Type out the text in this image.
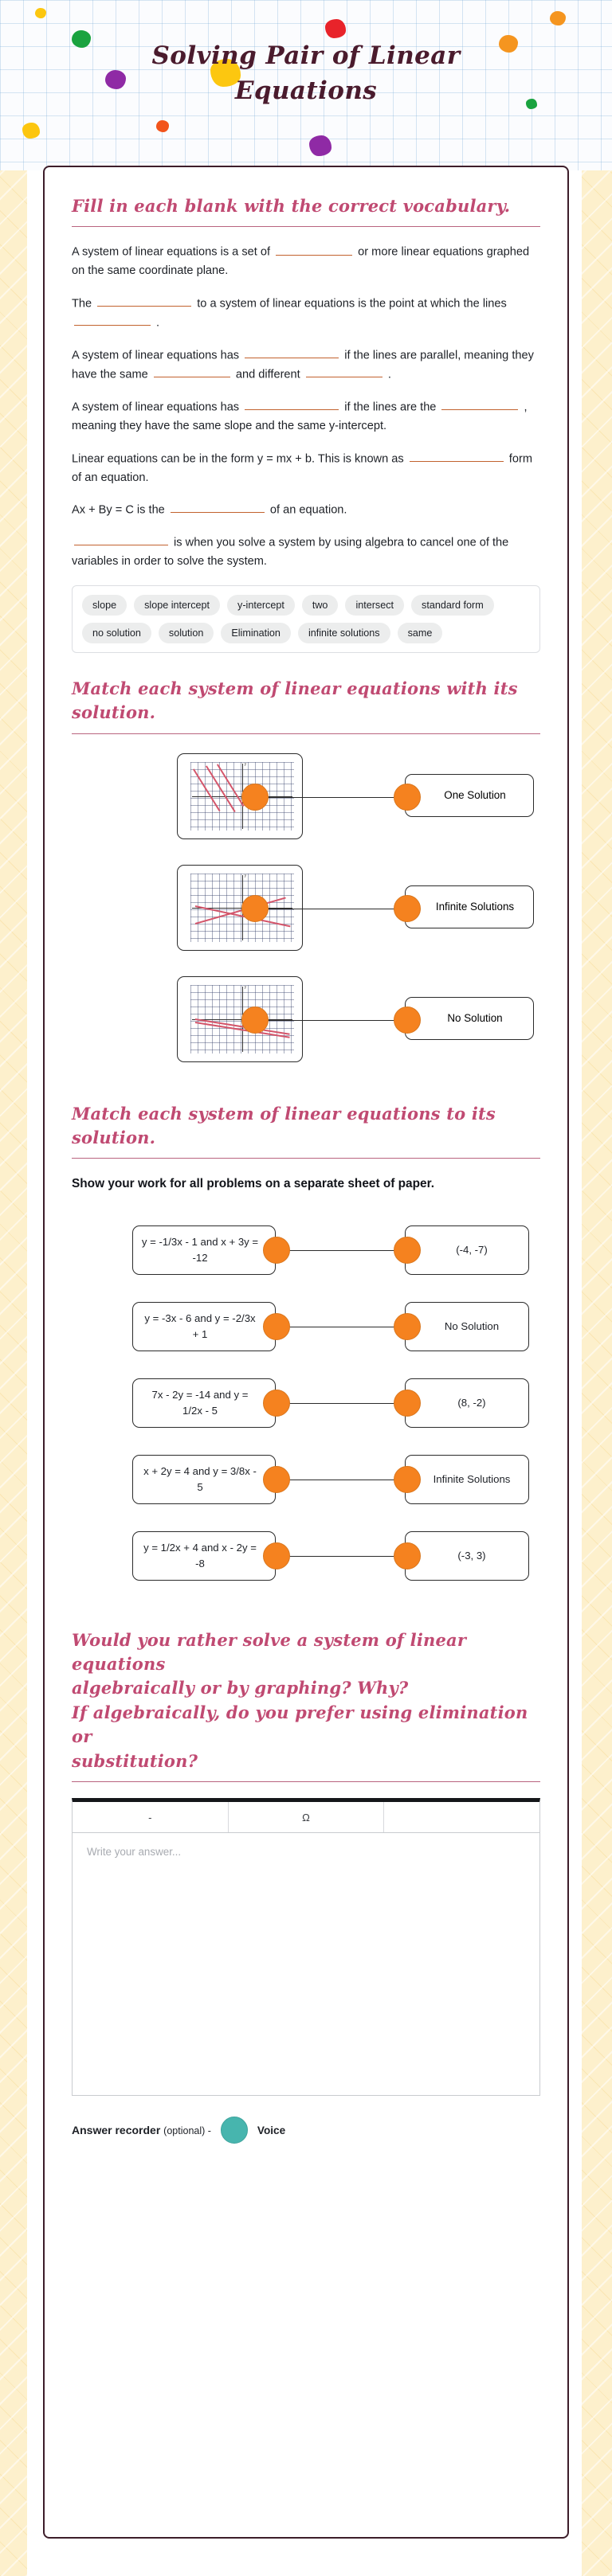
Solving Pair of Linear
Equations
Fill in each blank with the correct vocabulary.

A system of linear equations is a set of	or more linear equations graphed on the same coordinate plane.

The	to a system of linear equations is the point at which the lines  .

A system of linear equations has	if the lines are parallel, meaning they have the same	and different	.

A system of linear equations has	if the lines are the	, meaning they have the same slope and the same y-intercept.

Linear equations can be in the form y = mx + b. This is known as	form of an equation.

Ax + By = C is the	of an equation.

is when you solve a system by using algebra to cancel one of the variables in order to solve the system.

slope	slope intercept	y-intercept	two	intersect	standard form
no solution	solution	Elimination	infinite solutions	same
Match each system of linear equations with its solution.
y
One Solution
y
Infinite Solutions
y
No Solution
Match each system of linear equations to its solution.
Show your work for all problems on a separate sheet of paper.
y = -1/3x - 1 and x + 3y = -12
(-4, -7)
y = -3x - 6 and y = -2/3x + 1
No Solution
7x - 2y = -14 and y = 1/2x - 5
(8, -2)
x + 2y = 4 and y = 3/8x - 5
Infinite Solutions
y = 1/2x + 4 and x - 2y = -8
(-3, 3)
Would you rather solve a system of linear equations
algebraically or by graphing? Why?
If algebraically, do you prefer using elimination or
substitution?
-	Ω
Write your answer...
Answer recorder (optional) -	Voice
